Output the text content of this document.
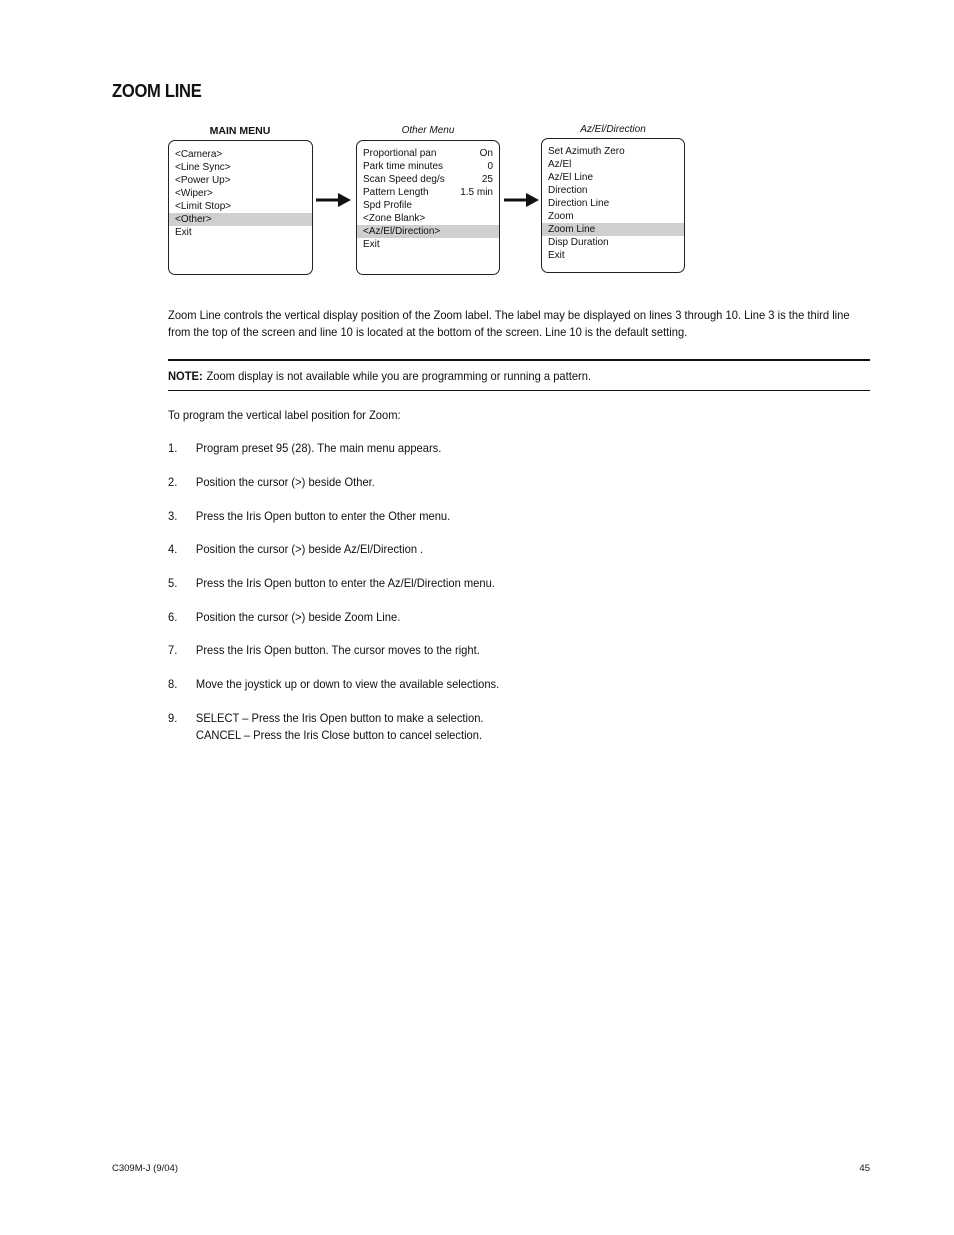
ZOOM LINE
MAIN MENU
<Camera>
<Line Sync>
<Power Up>
<Wiper>
<Limit Stop>
<Other>
Exit
Other Menu
Proportional pan	On
Park time minutes	0
Scan Speed deg/s	25
Pattern Length	1.5 min
Spd Profile
<Zone Blank>
<Az/El/Direction>
Exit
Az/El/Direction
Set Azimuth Zero
Az/El
Az/El Line
Direction
Direction Line
Zoom
Zoom Line
Disp Duration
Exit
Zoom Line controls the vertical display position of the Zoom label. The label may be displayed on lines 3 through 10. Line 3 is the third line
from the top of the screen and line 10 is located at the bottom of the screen. Line 10 is the default setting.
NOTE: Zoom display is not available while you are programming or running a pattern.
To program the vertical label position for Zoom:
1. Program preset 95 (28). The main menu appears.
2. Position the cursor (>) beside Other.
3. Press the Iris Open button to enter the Other menu.
4. Position the cursor (>) beside Az/El/Direction .
5. Press the Iris Open button to enter the Az/El/Direction menu.
6. Position the cursor (>) beside Zoom Line.
7. Press the Iris Open button. The cursor moves to the right.
8. Move the joystick up or down to view the available selections.
9. SELECT – Press the Iris Open button to make a selection.
CANCEL – Press the Iris Close button to cancel selection.
C309M-J (9/04)	45
